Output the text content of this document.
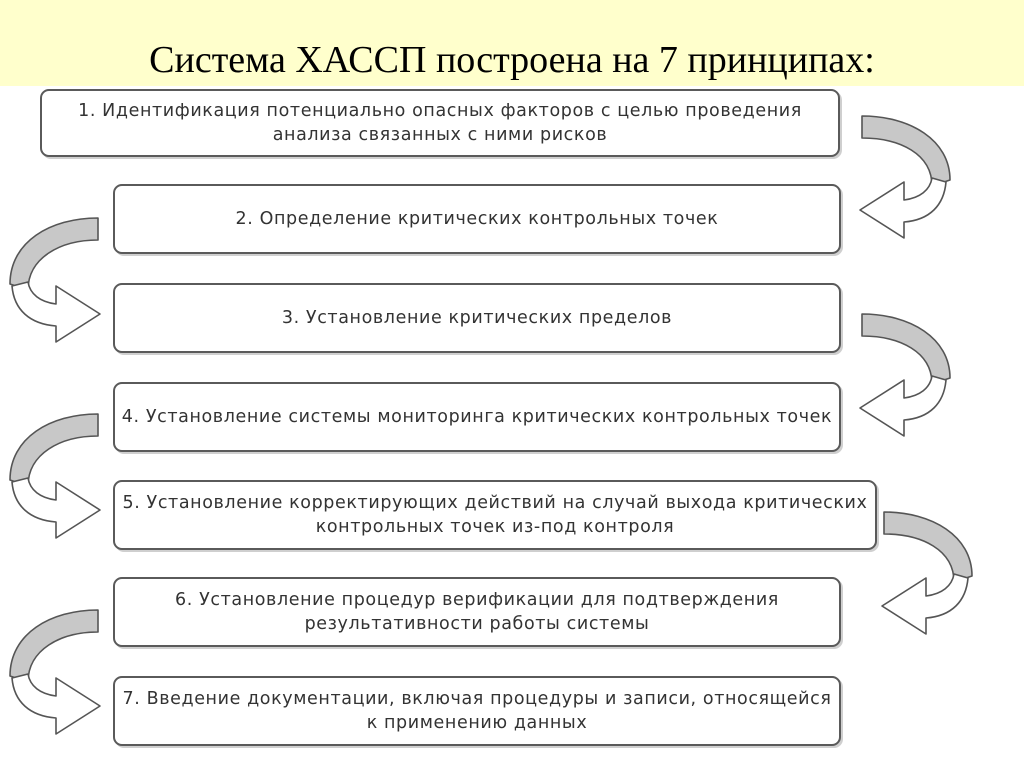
Система ХАССП построена на 7 принципах:
1. Идентификация потенциально опасных факторов с целью проведения анализа связанных с ними рисков
2. Определение критических контрольных точек
3. Установление критических пределов
4. Установление системы мониторинга критических контрольных точек
5. Установление корректирующих действий на случай выхода критических контрольных точек из-под контроля
6. Установление процедур верификации для подтверждения результативности работы системы
7. Введение документации, включая процедуры и записи, относящейся к применению данных
